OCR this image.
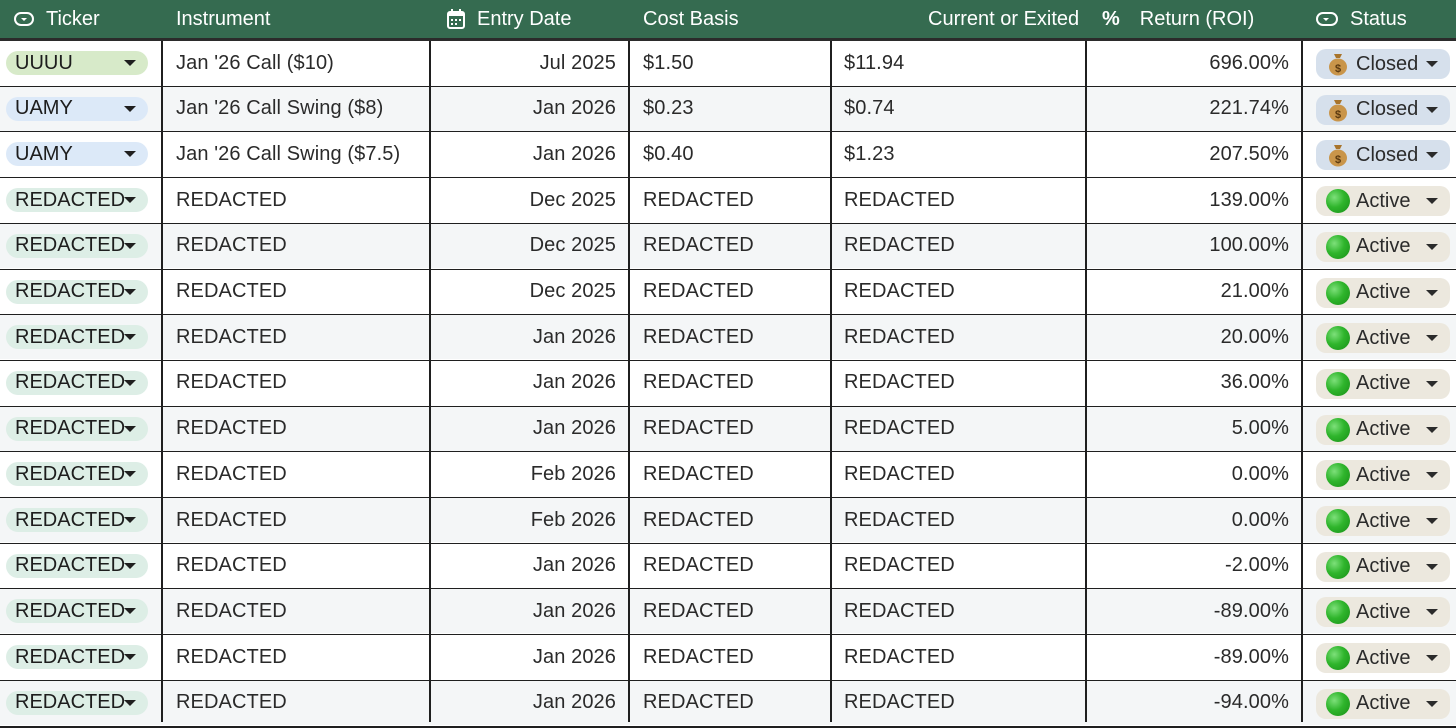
Ticker	Instrument	Entry Date	Cost Basis	Current or Exited % Return (ROI)	Status
UUUU	Jan '26 Call ($10)	Jul 2025 $1.50	$11.94	696.00%	$ Closed
UAMY	Jan '26 Call Swing ($8)	Jan 2026 $0.23	$0.74	221.74%	$ Closed
UAMY	Jan '26 Call Swing ($7.5)	Jan 2026 $0.40	$1.23	207.50%	$ Closed
REDACTED	REDACTED	Dec 2025 REDACTED	REDACTED	139.00%	Active
REDACTED	REDACTED	Dec 2025 REDACTED	REDACTED	100.00%	Active
REDACTED	REDACTED	Dec 2025 REDACTED	REDACTED	21.00%	Active
REDACTED	REDACTED	Jan 2026 REDACTED	REDACTED	20.00%	Active
REDACTED	REDACTED	Jan 2026 REDACTED	REDACTED	36.00%	Active
REDACTED	REDACTED	Jan 2026 REDACTED	REDACTED	5.00%	Active
REDACTED	REDACTED	Feb 2026 REDACTED	REDACTED	0.00%	Active
REDACTED	REDACTED	Feb 2026 REDACTED	REDACTED	0.00%	Active
REDACTED	REDACTED	Jan 2026 REDACTED	REDACTED	-2.00%	Active
REDACTED	REDACTED	Jan 2026 REDACTED	REDACTED	-89.00%	Active
REDACTED	REDACTED	Jan 2026 REDACTED	REDACTED	-89.00%	Active
REDACTED	REDACTED	Jan 2026 REDACTED	REDACTED	-94.00%	Active
